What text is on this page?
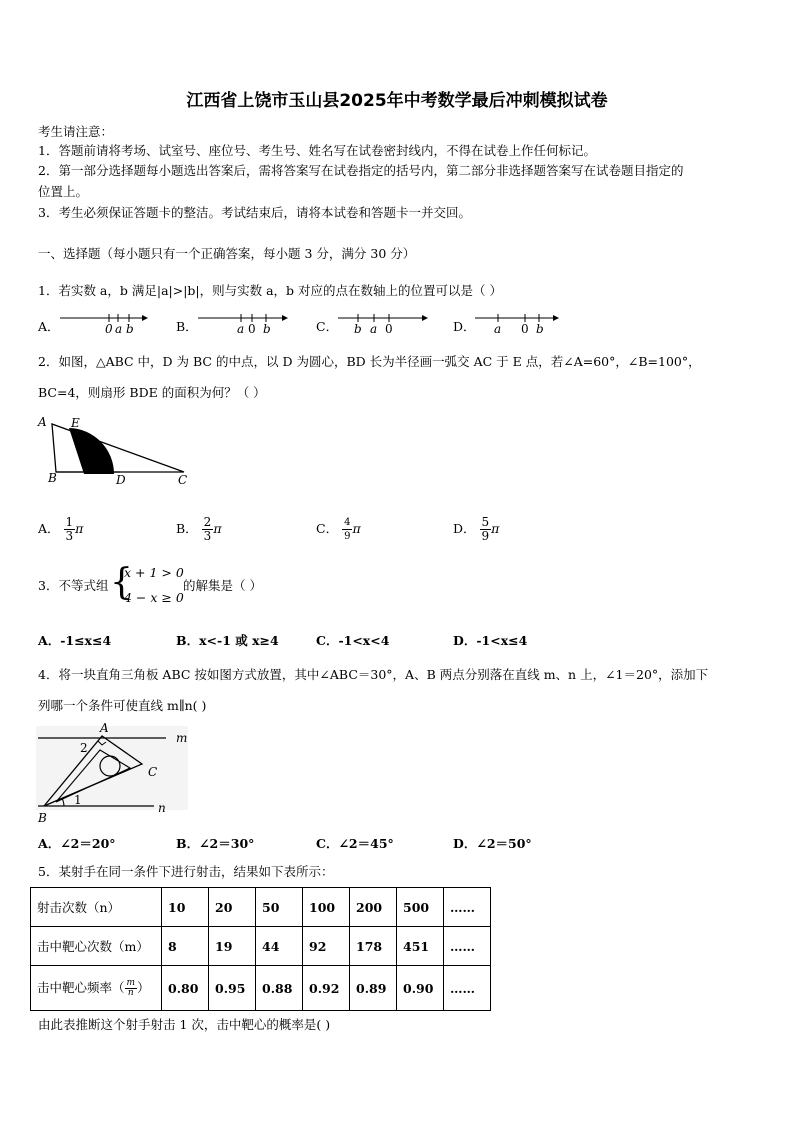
江西省上饶市玉山县2025年中考数学最后冲刺模拟试卷
考生请注意：
1．答题前请将考场、试室号、座位号、考生号、姓名写在试卷密封线内，不得在试卷上作任何标记。
2．第一部分选择题每小题选出答案后，需将答案写在试卷指定的括号内，第二部分非选择题答案写在试卷题目指定的
位置上。
3．考生必须保证答题卡的整洁。考试结束后，请将本试卷和答题卡一并交回。
一、选择题（每小题只有一个正确答案，每小题 3 分，满分 30 分）
1．若实数 a，b 满足|a|>|b|，则与实数 a，b 对应的点在数轴上的位置可以是（ ）
A．	0 a b	B．	a 0 b	C． b a 0	D． a 0 b
2．如图，△ABC 中，D 为 BC 的中点，以 D 为圆心，BD 长为半径画一弧交 AC 于 E 点，若∠A=60°，∠B=100°，
BC=4，则扇形 BDE 的面积为何？（ ）
A E
B	D	C
A． $\frac{1}{3}$ π	B． $\frac{2}{3}$ π	C． $\frac{4}{9}$ π	D． $\frac{5}{9}$ π
3．不等式组 {
x + 1 > 0
4 − x ≥ 0
的解集是（ ）
A．-1≤x≤4	B．x<-1 或 x≥4	C．-1<x<4	D．-1<x≤4
4．将一块直角三角板 ABC 按如图方式放置，其中∠ABC＝30°，A、B 两点分别落在直线 m、n 上，∠1＝20°，添加下
列哪一个条件可使直线 m∥n( )
A
m
2
C
1
n
B
A．∠2＝20°	B．∠2＝30°	C．∠2＝45°	D．∠2＝50°
5．某射手在同一条件下进行射击，结果如下表所示：
射击次数（n）	10	20	50	100	200	500	……
击中靶心次数（m）	8	19	44	92	178	451	……
击中靶心频率（ $\frac{m}{n}$ ）	0.80	0.95	0.88	0.92	0.89	0.90	……
由此表推断这个射手射击 1 次，击中靶心的概率是( )
